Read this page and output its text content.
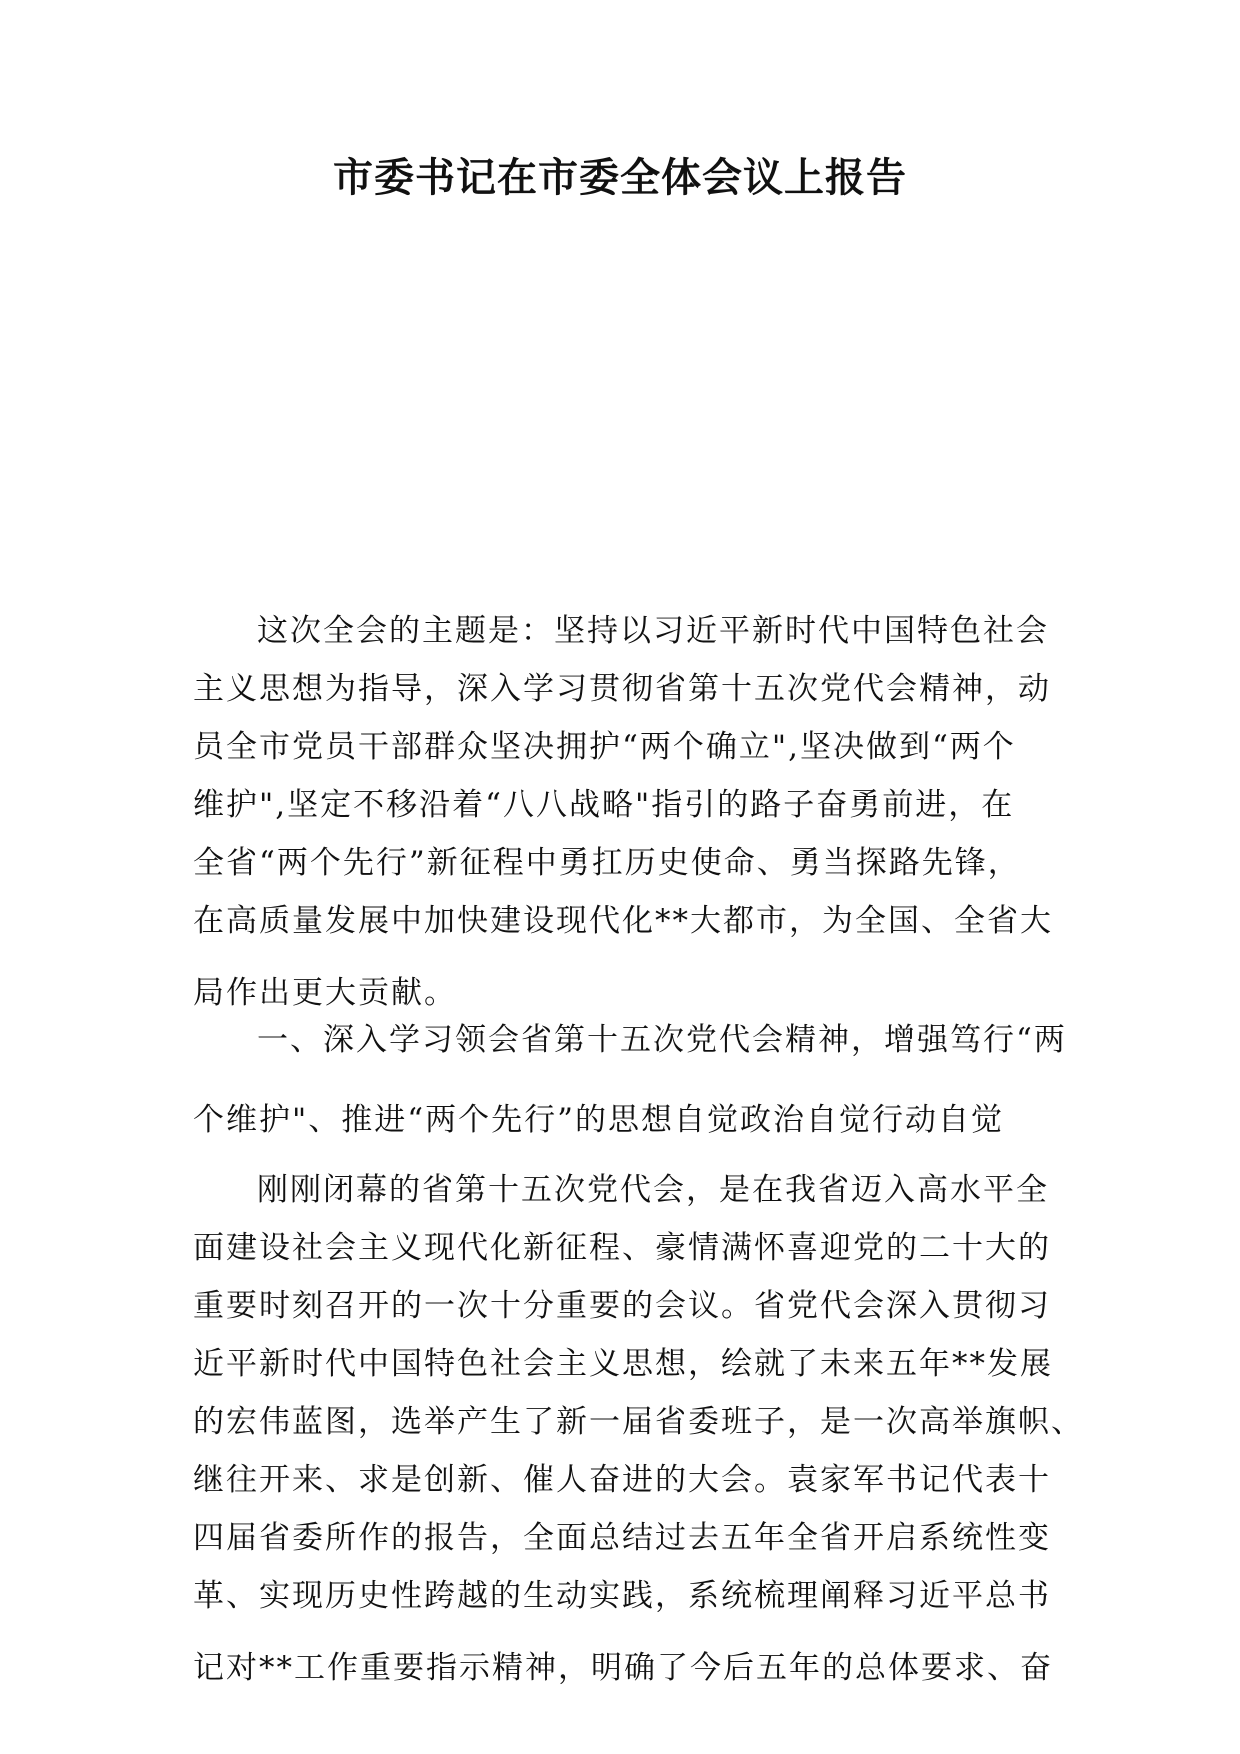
市委书记在市委全体会议上报告
这次全会的主题是：坚持以习近平新时代中国特色社会
主义思想为指导，深入学习贯彻省第十五次党代会精神，动
员全市党员干部群众坚决拥护“两个确立",坚决做到“两个
维护",坚定不移沿着“八八战略"指引的路子奋勇前进，在
全省“两个先行”新征程中勇扛历史使命、勇当探路先锋，
在高质量发展中加快建设现代化**大都市，为全国、全省大
局作出更大贡献。
一、深入学习领会省第十五次党代会精神，增强笃行“两
个维护"、推进“两个先行”的思想自觉政治自觉行动自觉
刚刚闭幕的省第十五次党代会，是在我省迈入高水平全
面建设社会主义现代化新征程、豪情满怀喜迎党的二十大的
重要时刻召开的一次十分重要的会议。省党代会深入贯彻习
近平新时代中国特色社会主义思想，绘就了未来五年**发展
的宏伟蓝图，选举产生了新一届省委班子，是一次高举旗帜、
继往开来、求是创新、催人奋进的大会。袁家军书记代表十
四届省委所作的报告，全面总结过去五年全省开启系统性变
革、实现历史性跨越的生动实践，系统梳理阐释习近平总书
记对**工作重要指示精神，明确了今后五年的总体要求、奋
